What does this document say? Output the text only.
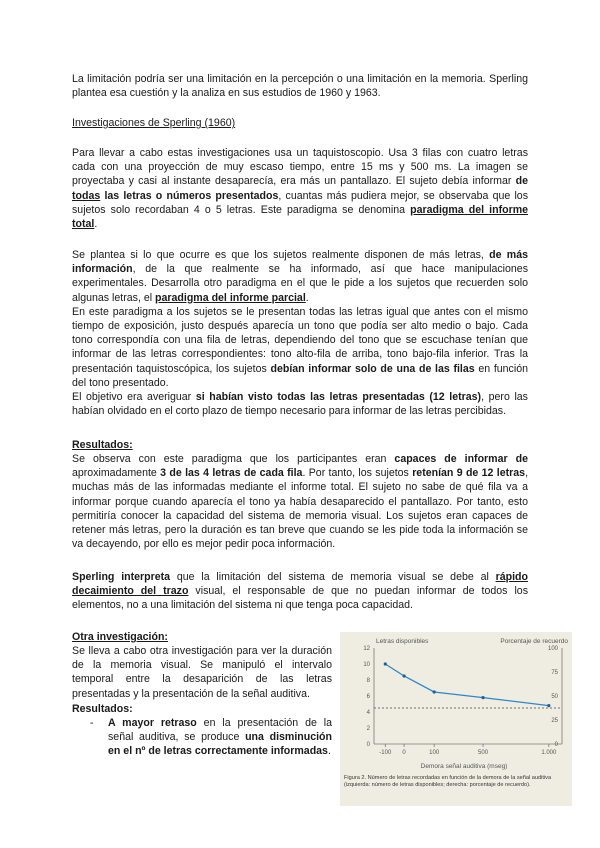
La limitación podría ser una limitación en la percepción o una limitación en la memoria. Sperling plantea esa cuestión y la analiza en sus estudios de 1960 y 1963.
Investigaciones de Sperling (1960)
Para llevar a cabo estas investigaciones usa un taquistoscopio. Usa 3 filas con cuatro letras cada con una proyección de muy escaso tiempo, entre 15 ms y 500 ms. La imagen se proyectaba y casi al instante desaparecía, era más un pantallazo. El sujeto debía informar de todas las letras o números presentados, cuantas más pudiera mejor, se observaba que los sujetos solo recordaban 4 o 5 letras. Este paradigma se denomina paradigma del informe total.
Se plantea si lo que ocurre es que los sujetos realmente disponen de más letras, de más información, de la que realmente se ha informado, así que hace manipulaciones experimentales. Desarrolla otro paradigma en el que le pide a los sujetos que recuerden solo algunas letras, el paradigma del informe parcial.
En este paradigma a los sujetos se le presentan todas las letras igual que antes con el mismo tiempo de exposición, justo después aparecía un tono que podía ser alto medio o bajo. Cada tono correspondía con una fila de letras, dependiendo del tono que se escuchase tenían que informar de las letras correspondientes: tono alto-fila de arriba, tono bajo-fila inferior. Tras la presentación taquistoscópica, los sujetos debían informar solo de una de las filas en función del tono presentado.
El objetivo era averiguar si habían visto todas las letras presentadas (12 letras), pero las habían olvidado en el corto plazo de tiempo necesario para informar de las letras percibidas.
Resultados:
Se observa con este paradigma que los participantes eran capaces de informar de aproximadamente 3 de las 4 letras de cada fila. Por tanto, los sujetos retenían 9 de 12 letras, muchas más de las informadas mediante el informe total. El sujeto no sabe de qué fila va a informar porque cuando aparecía el tono ya había desaparecido el pantallazo. Por tanto, esto permitiría conocer la capacidad del sistema de memoria visual. Los sujetos eran capaces de retener más letras, pero la duración es tan breve que cuando se les pide toda la información se va decayendo, por ello es mejor pedir poca información.
Sperling interpreta que la limitación del sistema de memoria visual se debe al rápido decaimiento del trazo visual, el responsable de que no puedan informar de todos los elementos, no a una limitación del sistema ni que tenga poca capacidad.
Otra investigación:
Se lleva a cabo otra investigación para ver la duración de la memoria visual. Se manipuló el intervalo temporal entre la desaparición de las letras presentadas y la presentación de la señal auditiva.
Resultados:
- A mayor retraso en la presentación de la señal auditiva, se produce una disminución en el nº de letras correctamente informadas.
Letras disponibles	Porcentaje de recuerdo
Demora señal auditiva (mseg)
0
2
4
6
8
10
12
0
25
50
75
100
-100 0	100	500	1.000
Figura 2. Número de letras recordadas en función de la demora de la señal auditiva (izquierda: número de letras disponibles; derecha: porcentaje de recuerdo).
